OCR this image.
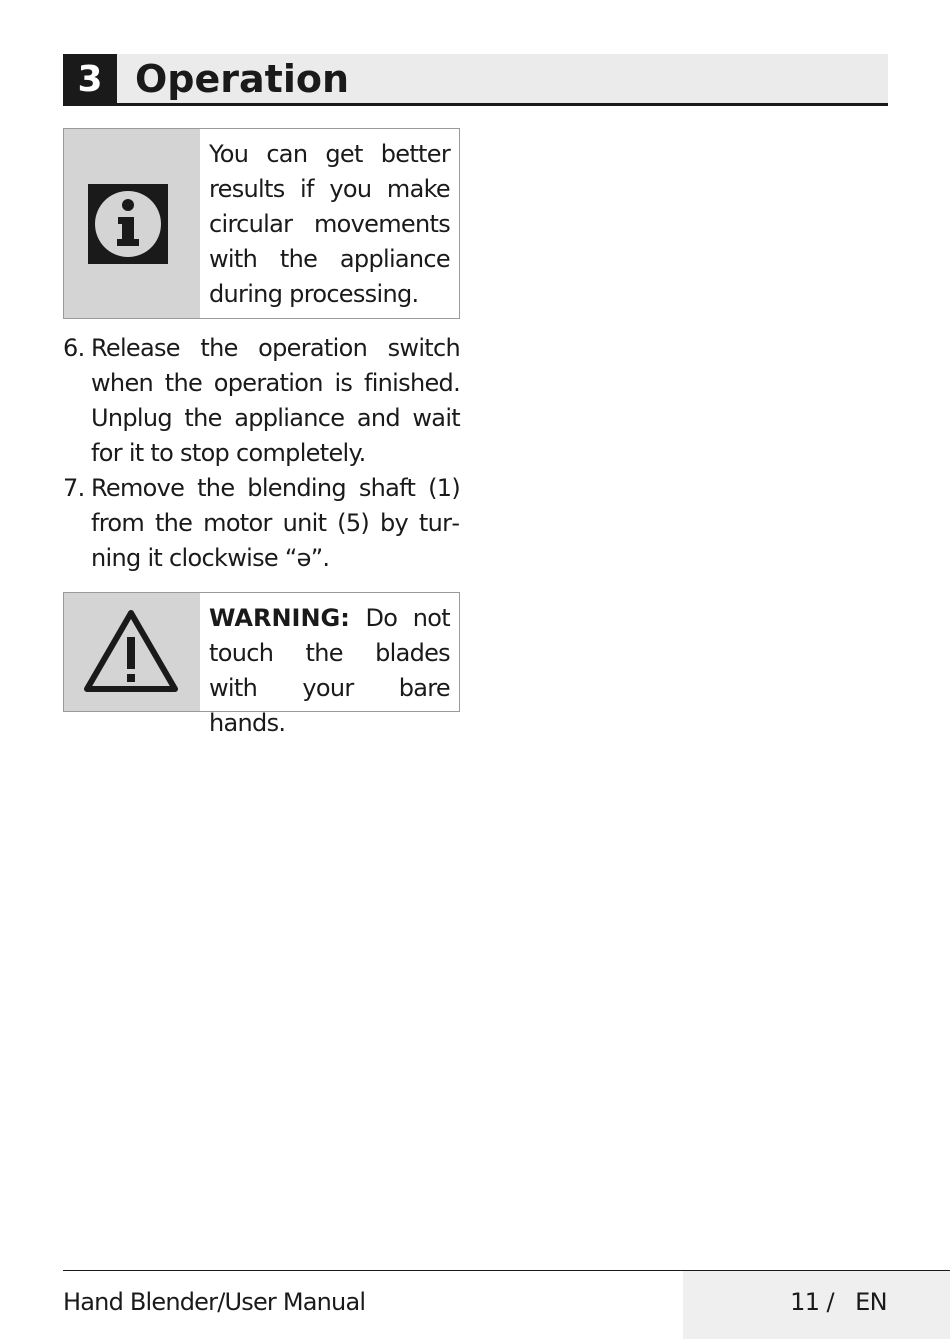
3 Operation
You can get better results if you make circular movements with the appliance during processing.
6. Release the operation switch when the operation is finished. Unplug the appliance and wait for it to stop completely.
7. Remove the blending shaft (1) from the motor unit (5) by turning it clockwise “ə”.
WARNING: Do not touch the blades with your bare hands.
Hand Blender/User Manual	11 / EN
